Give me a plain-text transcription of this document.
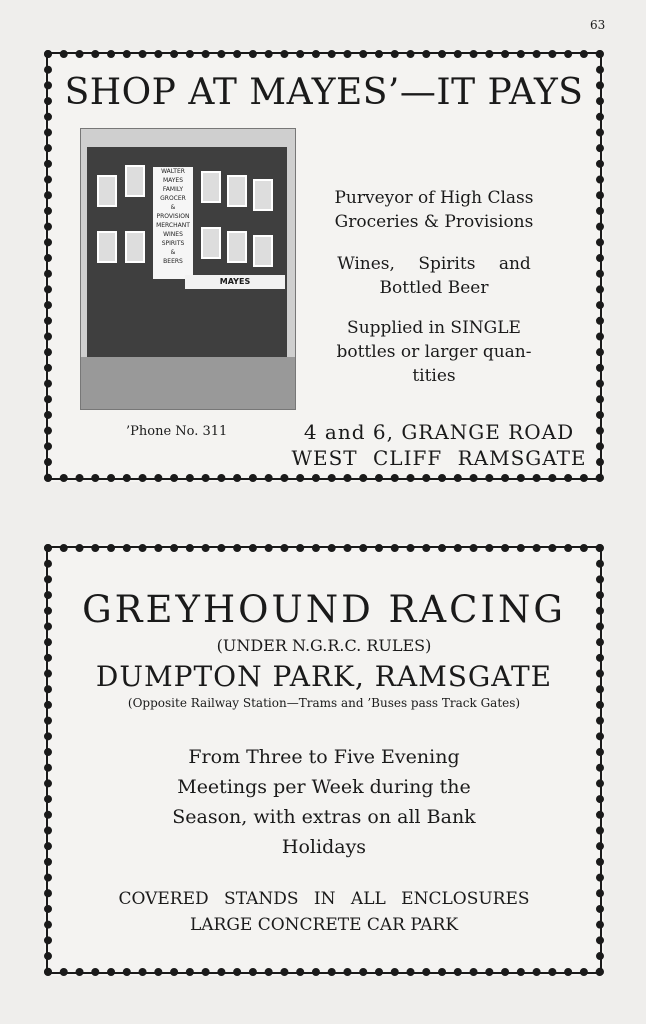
63
SHOP AT MAYES’—IT PAYS
WALTER
MAYES
FAMILY
GROCER
&
PROVISION
MERCHANT
WINES
SPIRITS
&
BEERS
MAYES
Purveyor of High Class
Groceries & Provisions
Wines, Spirits and
Bottled Beer
Supplied in SINGLE
bottles or larger quan-
tities
’Phone No. 311	4 and 6, GRANGE ROAD
WEST CLIFF RAMSGATE
GREYHOUND RACING
(UNDER N.G.R.C. RULES)
DUMPTON PARK, RAMSGATE
(Opposite Railway Station—Trams and ’Buses pass Track Gates)
From Three to Five Evening
Meetings per Week during the
Season, with extras on all Bank
Holidays
COVERED STANDS IN ALL ENCLOSURES
LARGE CONCRETE CAR PARK
